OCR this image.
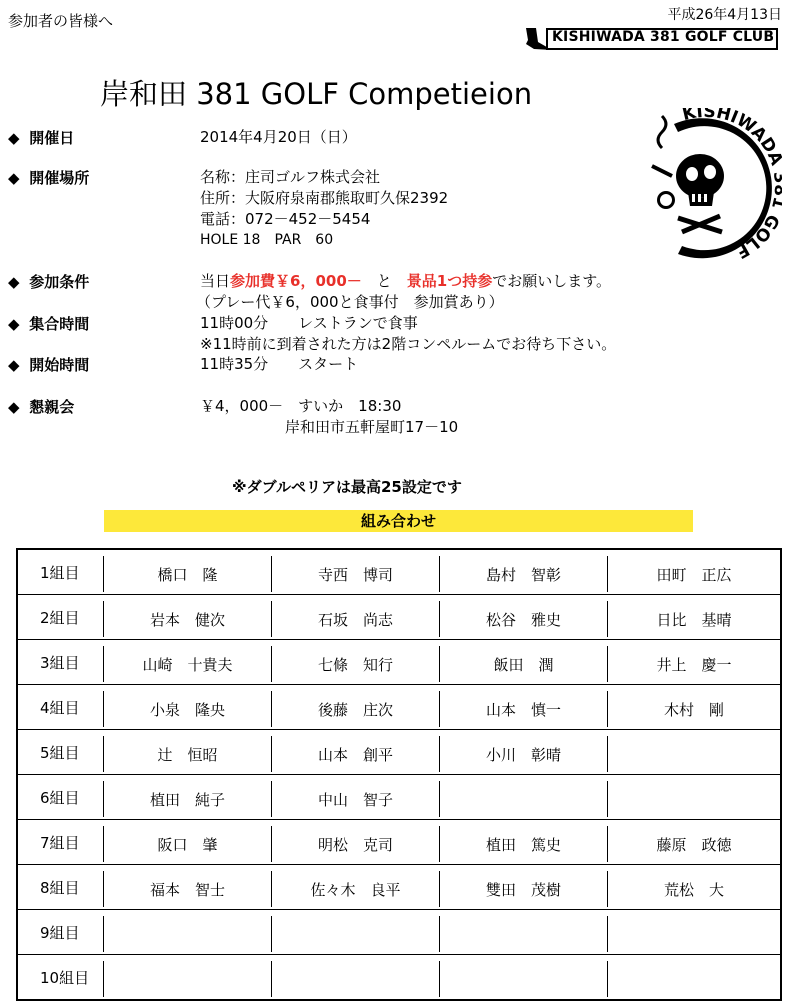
参加者の皆様へ	平成26年4月13日
KISHIWADA 381 GOLF CLUB
岸和田 381 GOLF Competieion
KISHIWAD GOLF
◆ 開催日	2014年4月20日（日）
◆ 開催場所	名称：庄司ゴルフ株式会社
住所：大阪府泉南郡熊取町久保2392
電話：072－452－5454
HOLE 18　PAR　60
◆ 参加条件	当日参加費￥6，000－　と　景品1つ持参でお願いします。
（プレー代￥6，000と食事付　参加賞あり）
◆ 集合時間	11時00分　　レストランで食事
※11時前に到着された方は2階コンペルームでお待ち下さい。
◆ 開始時間	11時35分　　スタート
◆ 懇親会	￥4，000－　すいか　18:30
岸和田市五軒屋町17－10
※ダブルペリアは最高25設定です
組み合わせ
1組目	橋口　隆	寺西　博司	島村　智彰	田町　正広

2組目	岩本　健次	石坂　尚志	松谷　雅史	日比　基晴

3組目	山崎　十貴夫	七條　知行	飯田　潤	井上　慶一

4組目	小泉　隆央	後藤　庄次	山本　慎一	木村　剛

5組目	辻　恒昭	山本　創平	小川　彰晴	

6組目	植田　純子	中山　智子		

7組目	阪口　肇	明松　克司	植田　篤史	藤原　政徳

8組目	福本　智士	佐々木　良平	雙田　茂樹	荒松　大

9組目	

10組目	
